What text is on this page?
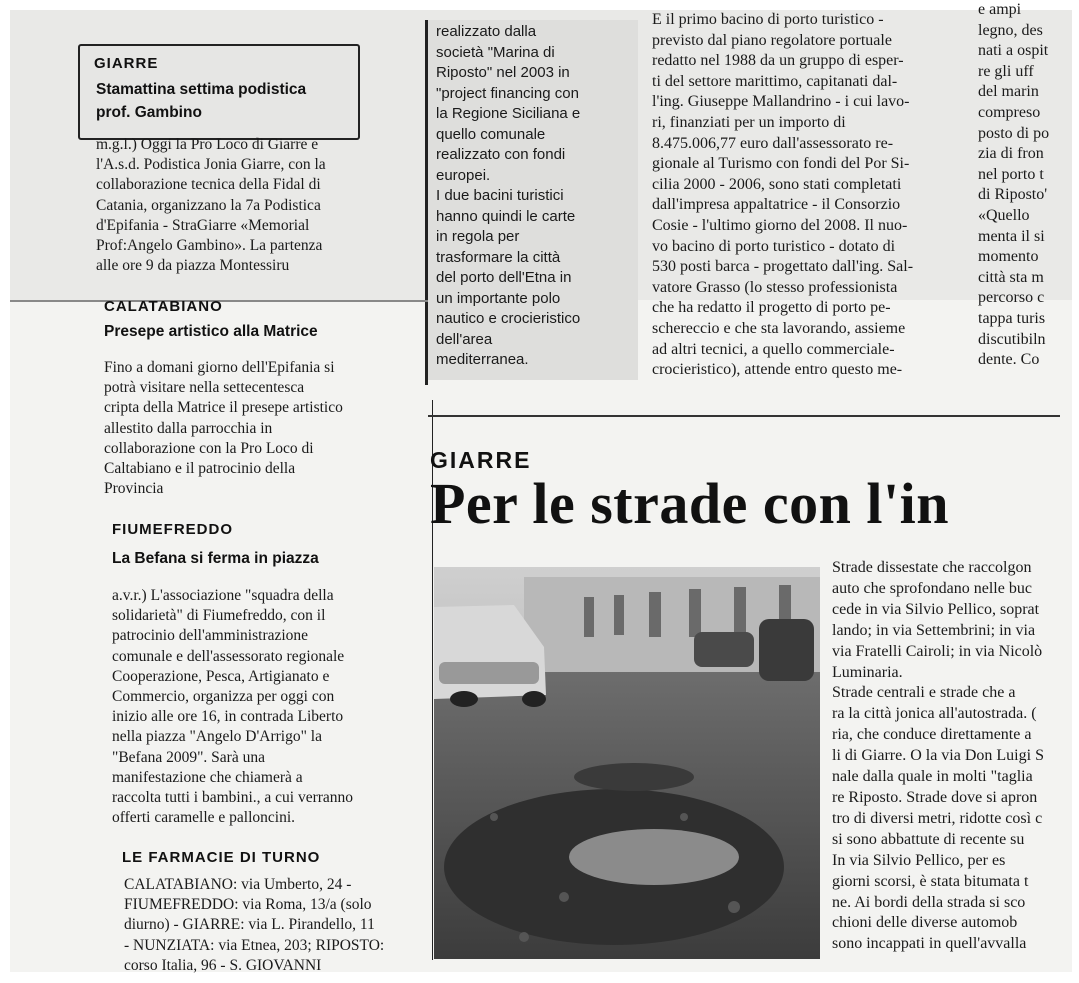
GIARRE
Stamattina settima podistica
prof. Gambino
m.g.l.) Oggi la Pro Loco di Giarre e
l'A.s.d. Podistica Jonia Giarre, con la
collaborazione tecnica della Fidal di
Catania, organizzano la 7a Podistica
d'Epifania - StraGiarre «Memorial
Prof:Angelo Gambino». La partenza
alle ore 9 da piazza Montessiru
CALATABIANO
Presepe artistico alla Matrice
Fino a domani giorno dell'Epifania si
potrà visitare nella settecentesca
cripta della Matrice il presepe artistico
allestito dalla parrocchia in
collaborazione con la Pro Loco di
Caltabiano e il patrocinio della
Provincia
FIUMEFREDDO
La Befana si ferma in piazza
a.v.r.) L'associazione "squadra della
solidarietà" di Fiumefreddo, con il
patrocinio dell'amministrazione
comunale e dell'assessorato regionale
Cooperazione, Pesca, Artigianato e
Commercio, organizza per oggi con
inizio alle ore 16, in contrada Liberto
nella piazza "Angelo D'Arrigo" la
"Befana 2009". Sarà una
manifestazione che chiamerà a
raccolta tutti i bambini., a cui verranno
offerti caramelle e palloncini.
LE FARMACIE DI TURNO
CALATABIANO: via Umberto, 24 -
FIUMEFREDDO: via Roma, 13/a (solo
diurno) - GIARRE: via L. Pirandello, 11
- NUNZIATA: via Etnea, 203; RIPOSTO:
corso Italia, 96 - S. GIOVANNI
realizzato dalla
società "Marina di
Riposto" nel 2003 in
"project financing con
la Regione Siciliana e
quello comunale
realizzato con fondi
europei.
I due bacini turistici
hanno quindi le carte
in regola per
trasformare la città
del porto dell'Etna in
un importante polo
nautico e crocieristico
dell'area
mediterranea.
E il primo bacino di porto turistico -
previsto dal piano regolatore portuale
redatto nel 1988 da un gruppo di esper-
ti del settore marittimo, capitanati dal-
l'ing. Giuseppe Mallandrino - i cui lavo-
ri, finanziati per un importo di
8.475.006,77 euro dall'assessorato re-
gionale al Turismo con fondi del Por Si-
cilia 2000 - 2006, sono stati completati
dall'impresa appaltatrice - il Consorzio
Cosie - l'ultimo giorno del 2008. Il nuo-
vo bacino di porto turistico - dotato di
530 posti barca - progettato dall'ing. Sal-
vatore Grasso (lo stesso professionista
che ha redatto il progetto di porto pe-
schereccio e che sta lavorando, assieme
ad altri tecnici, a quello commerciale-
crocieristico), attende entro questo me-
e ampi
legno, des
nati a ospit
re gli uff
del marin
compreso
posto di po
zia di fron
nel porto t
di Riposto'
«Quello
menta il si
momento
città sta m
percorso c
tappa turis
discutibiln
dente. Co
GIARRE
Per le strade con l'in
Strade dissestate che raccolgon
auto che sprofondano nelle buc
cede in via Silvio Pellico, soprat
lando; in via Settembrini; in via
via Fratelli Cairoli; in via Nicolò
Luminaria.
Strade centrali e strade che a
ra la città jonica all'autostrada. (
ria, che conduce direttamente a
li di Giarre. O la via Don Luigi S
nale dalla quale in molti "taglia
re Riposto. Strade dove si apron
tro di diversi metri, ridotte così c
si sono abbattute di recente su
In via Silvio Pellico, per es
giorni scorsi, è stata bitumata t
ne. Ai bordi della strada si sco
chioni delle diverse automob
sono incappati in quell'avvalla
